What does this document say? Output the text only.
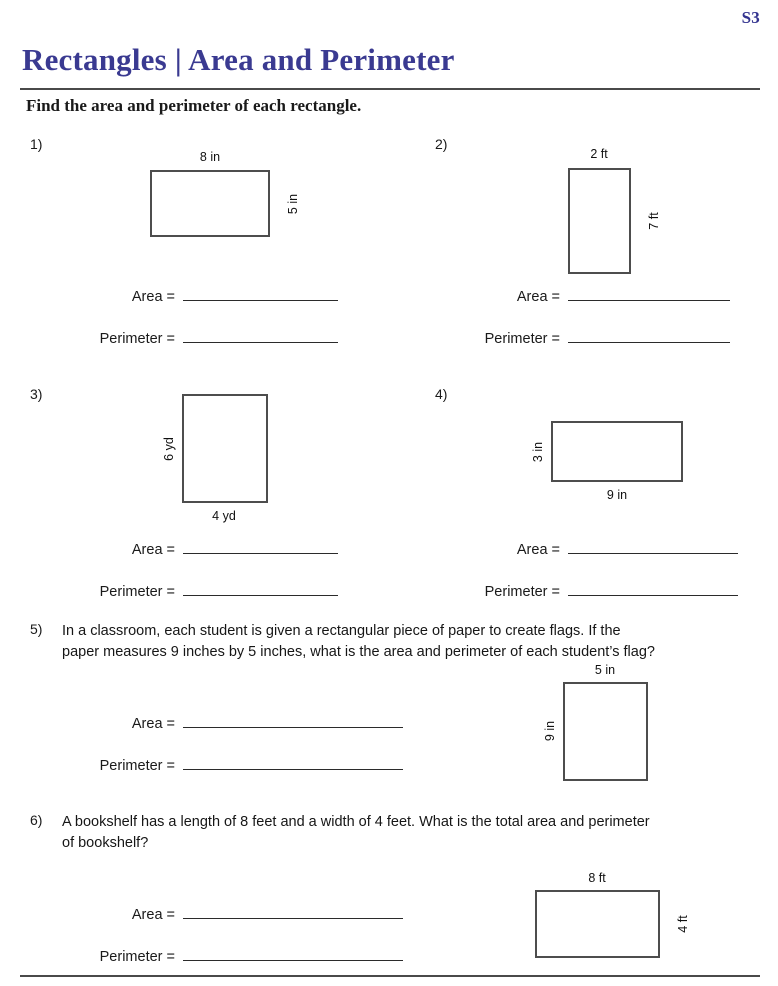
S3
Rectangles | Area and Perimeter
Find the area and perimeter of each rectangle.
1)
8 in
5 in
Area =
Perimeter =
2)
2 ft
7 ft
Area =
Perimeter =
3)
6 yd
4 yd
Area =
Perimeter =
4)
3 in
9 in
Area =
Perimeter =
5) In a classroom, each student is given a rectangular piece of paper to create flags. If the
paper measures 9 inches by 5 inches, what is the area and perimeter of each student’s flag?
5 in
9 in
Area =
Perimeter =
6) A bookshelf has a length of 8 feet and a width of 4 feet. What is the total area and perimeter
of bookshelf?
8 ft
4 ft
Area =
Perimeter =
